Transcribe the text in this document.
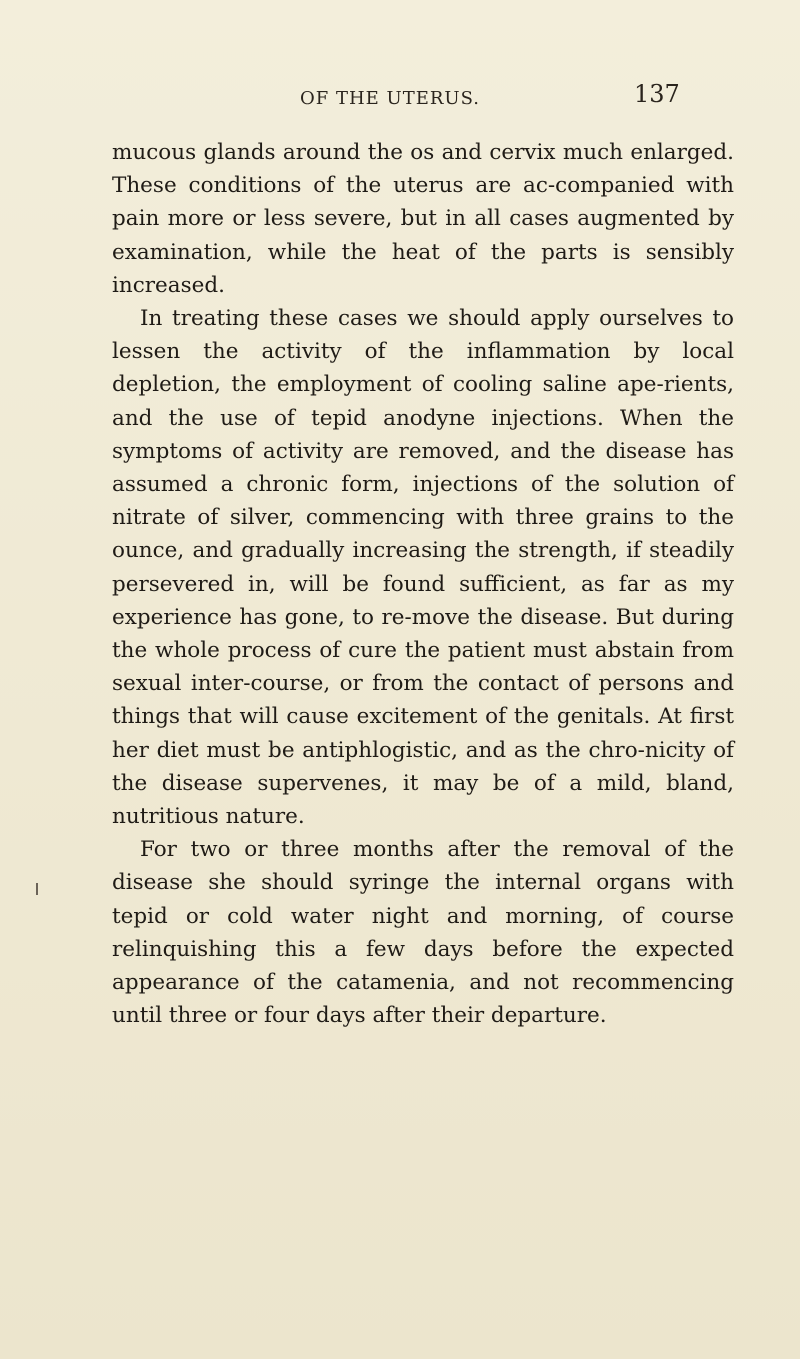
OF THE UTERUS.	137

mucous glands around the os and cervix much enlarged. These conditions of the uterus are ac-companied with pain more or less severe, but in all cases augmented by examination, while the heat of the parts is sensibly increased.

In treating these cases we should apply ourselves to lessen the activity of the inflammation by local depletion, the employment of cooling saline ape-rients, and the use of tepid anodyne injections. When the symptoms of activity are removed, and the disease has assumed a chronic form, injections of the solution of nitrate of silver, commencing with three grains to the ounce, and gradually increasing the strength, if steadily persevered in, will be found sufficient, as far as my experience has gone, to re-move the disease. But during the whole process of cure the patient must abstain from sexual inter-course, or from the contact of persons and things that will cause excitement of the genitals. At first her diet must be antiphlogistic, and as the chro-nicity of the disease supervenes, it may be of a mild, bland, nutritious nature.

For two or three months after the removal of the disease she should syringe the internal organs with tepid or cold water night and morning, of course relinquishing this a few days before the expected appearance of the catamenia, and not recommencing until three or four days after their departure.
